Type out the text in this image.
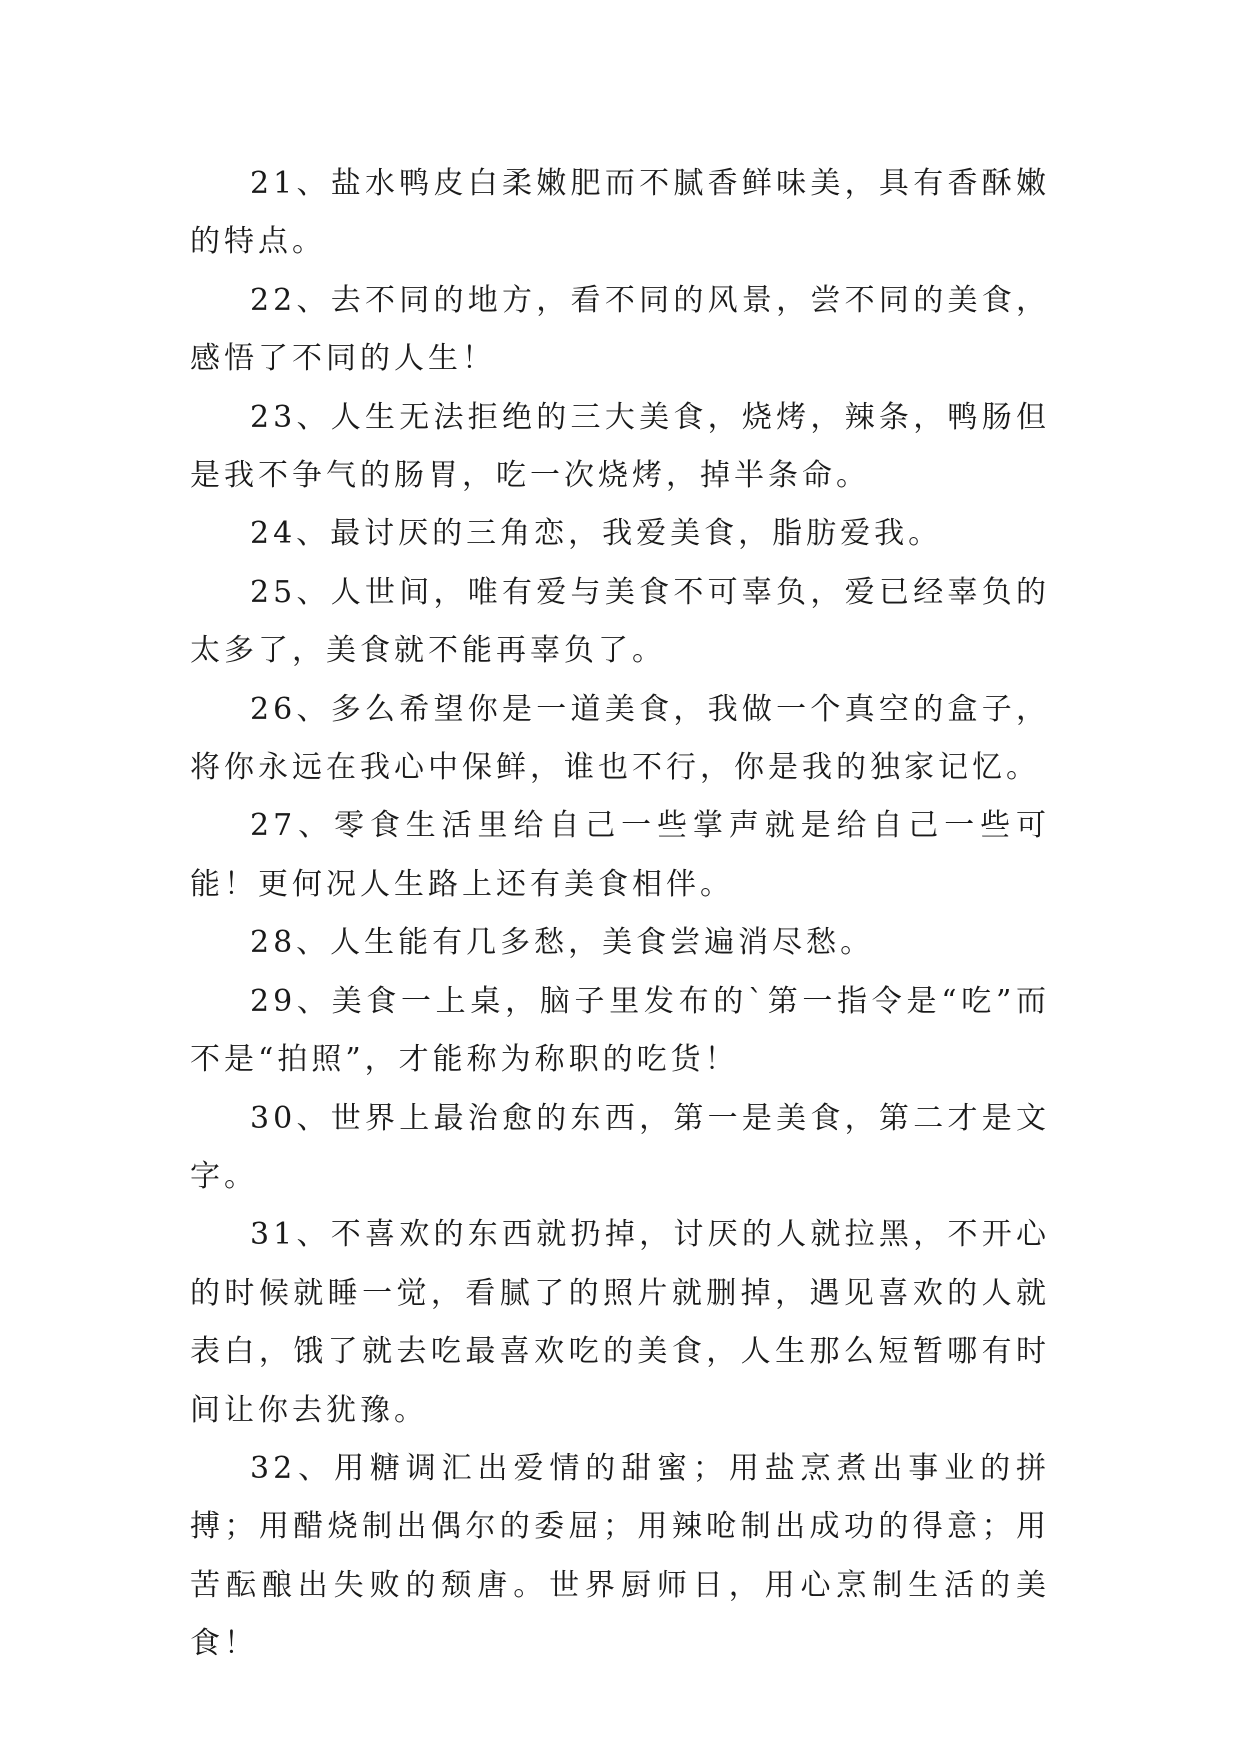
21、盐水鸭皮白柔嫩肥而不腻香鲜味美，具有香酥嫩的特点。

22、去不同的地方，看不同的风景，尝不同的美食，感悟了不同的人生！

23、人生无法拒绝的三大美食，烧烤，辣条，鸭肠但是我不争气的肠胃，吃一次烧烤，掉半条命。

24、最讨厌的三角恋，我爱美食，脂肪爱我。

25、人世间，唯有爱与美食不可辜负，爱已经辜负的太多了，美食就不能再辜负了。

26、多么希望你是一道美食，我做一个真空的盒子，将你永远在我心中保鲜，谁也不行，你是我的独家记忆。

27、零食生活里给自己一些掌声就是给自己一些可能！更何况人生路上还有美食相伴。

28、人生能有几多愁，美食尝遍消尽愁。

29、美食一上桌，脑子里发布的`第一指令是“吃”而不是“拍照”，才能称为称职的吃货！

30、世界上最治愈的东西，第一是美食，第二才是文字。

31、不喜欢的东西就扔掉，讨厌的人就拉黑，不开心的时候就睡一觉，看腻了的照片就删掉，遇见喜欢的人就表白，饿了就去吃最喜欢吃的美食，人生那么短暂哪有时间让你去犹豫。

32、用糖调汇出爱情的甜蜜；用盐烹煮出事业的拼搏；用醋烧制出偶尔的委屈；用辣呛制出成功的得意；用苦酝酿出失败的颓唐。世界厨师日，用心烹制生活的美食！
